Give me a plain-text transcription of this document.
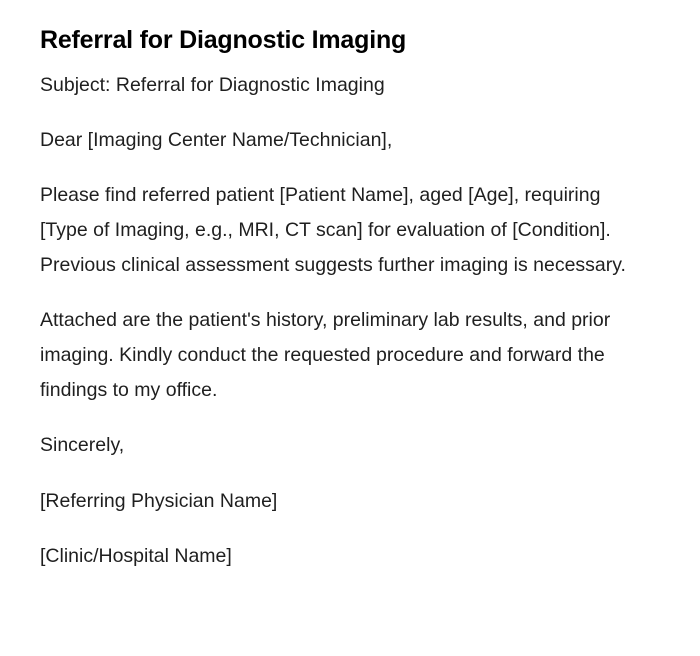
Referral for Diagnostic Imaging

Subject: Referral for Diagnostic Imaging

Dear [Imaging Center Name/Technician],

Please find referred patient [Patient Name], aged [Age], requiring [Type of Imaging, e.g., MRI, CT scan] for evaluation of [Condition]. Previous clinical assessment suggests further imaging is necessary.

Attached are the patient's history, preliminary lab results, and prior imaging. Kindly conduct the requested procedure and forward the findings to my office.

Sincerely,

[Referring Physician Name]

[Clinic/Hospital Name]
